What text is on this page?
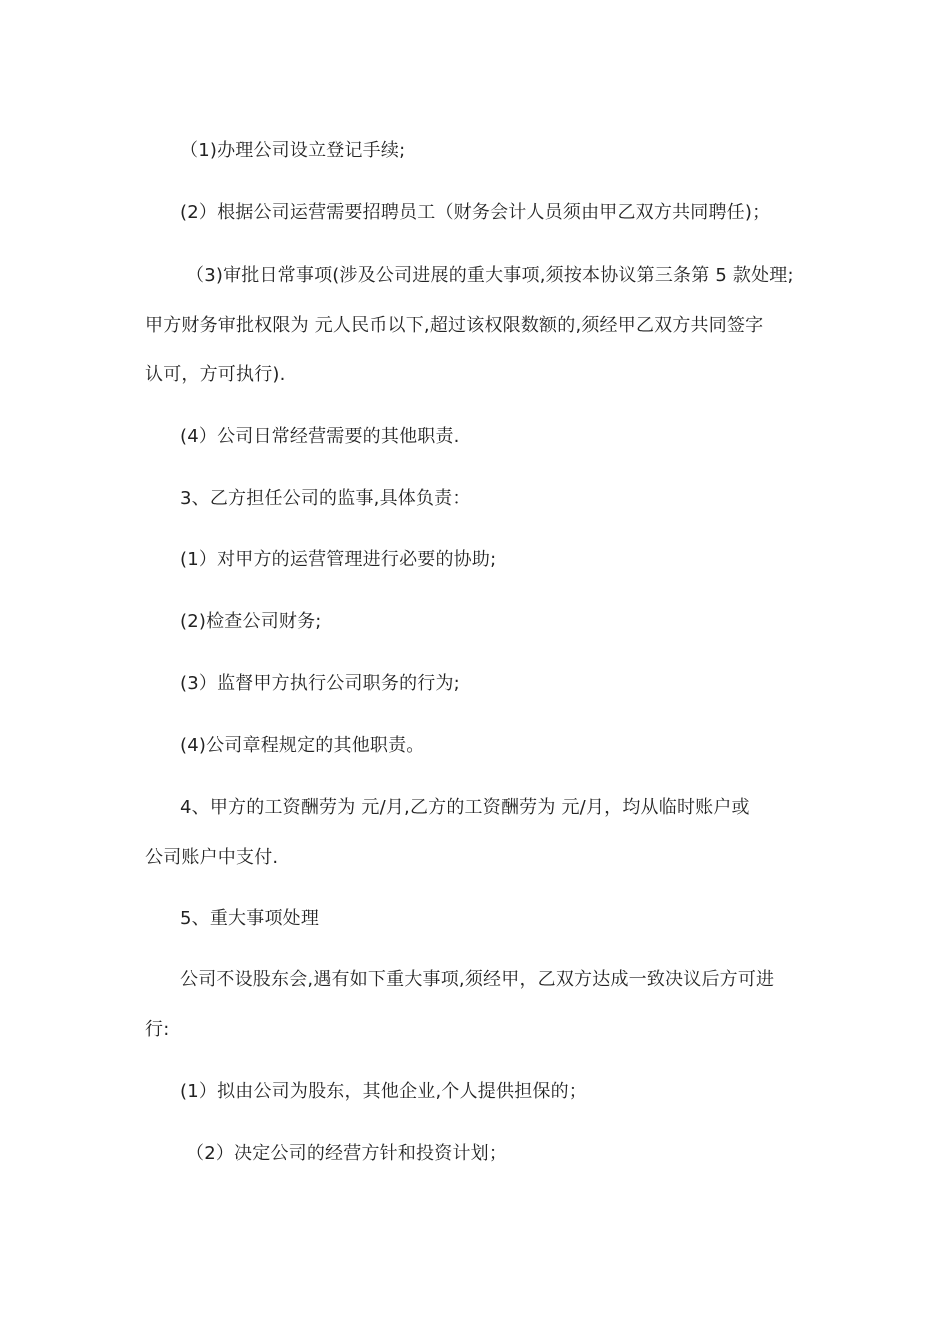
（1)办理公司设立登记手续;
(2）根据公司运营需要招聘员工（财务会计人员须由甲乙双方共同聘任)；
（3)审批日常事项(涉及公司进展的重大事项,须按本协议第三条第 5 款处理;
甲方财务审批权限为 元人民币以下,超过该权限数额的,须经甲乙双方共同签字
认可，方可执行).
(4）公司日常经营需要的其他职责.
3、乙方担任公司的监事,具体负责：
(1）对甲方的运营管理进行必要的协助;
(2)检查公司财务;
(3）监督甲方执行公司职务的行为;
(4)公司章程规定的其他职责。
4、甲方的工资酬劳为 元/月,乙方的工资酬劳为 元/月，均从临时账户或
公司账户中支付.
5、重大事项处理
公司不设股东会,遇有如下重大事项,须经甲，乙双方达成一致决议后方可进
行:
(1）拟由公司为股东，其他企业,个人提供担保的；
（2）决定公司的经营方针和投资计划；
